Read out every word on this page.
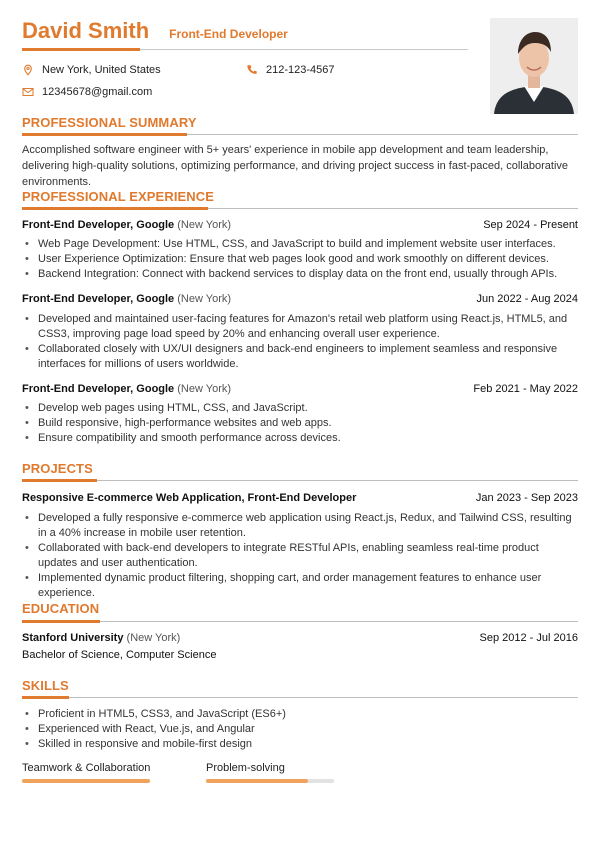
David Smith Front-End Developer
New York, United States	212-123-4567
12345678@gmail.com
PROFESSIONAL SUMMARY
Accomplished software engineer with 5+ years' experience in mobile app development and team leadership, delivering high-quality solutions, optimizing performance, and driving project success in fast-paced, collaborative environments.
PROFESSIONAL EXPERIENCE
Front-End Developer, Google (New York)	Sep 2024 - Present
• Web Page Development: Use HTML, CSS, and JavaScript to build and implement website user interfaces.
• User Experience Optimization: Ensure that web pages look good and work smoothly on different devices.
• Backend Integration: Connect with backend services to display data on the front end, usually through APIs.
Front-End Developer, Google (New York)	Jun 2022 - Aug 2024
• Developed and maintained user-facing features for Amazon's retail web platform using React.js, HTML5, and CSS3, improving page load speed by 20% and enhancing overall user experience.
• Collaborated closely with UX/UI designers and back-end engineers to implement seamless and responsive interfaces for millions of users worldwide.
Front-End Developer, Google (New York)	Feb 2021 - May 2022
• Develop web pages using HTML, CSS, and JavaScript.
• Build responsive, high-performance websites and web apps.
• Ensure compatibility and smooth performance across devices.
PROJECTS
Responsive E-commerce Web Application, Front-End Developer	Jan 2023 - Sep 2023
• Developed a fully responsive e-commerce web application using React.js, Redux, and Tailwind CSS, resulting in a 40% increase in mobile user retention.
• Collaborated with back-end developers to integrate RESTful APIs, enabling seamless real-time product updates and user authentication.
• Implemented dynamic product filtering, shopping cart, and order management features to enhance user experience.
EDUCATION
Stanford University (New York)	Sep 2012 - Jul 2016
Bachelor of Science, Computer Science
SKILLS
• Proficient in HTML5, CSS3, and JavaScript (ES6+)
• Experienced with React, Vue.js, and Angular
• Skilled in responsive and mobile-first design
Teamwork & Collaboration	Problem-solving
